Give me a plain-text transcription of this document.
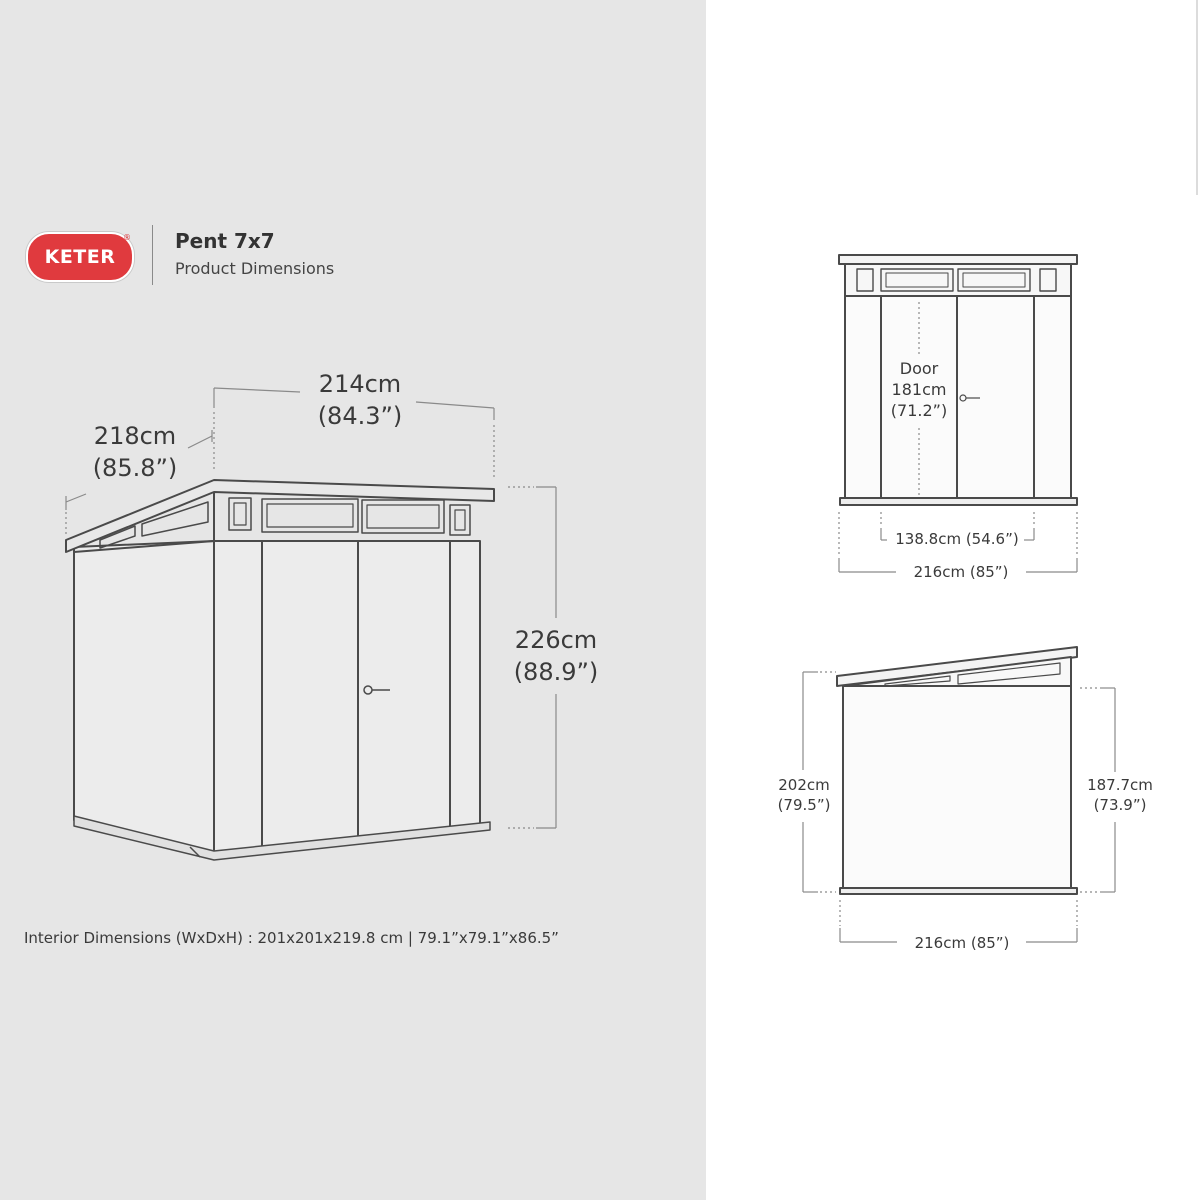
KETER
® Pent 7x7
Product Dimensions
214cm
(84.3”)
218cm
(85.8”)
226cm
(88.9”)
Door
181cm
(71.2”)
138.8cm (54.6”)
216cm (85”)
202cm
(79.5”)
187.7cm
(73.9”)
216cm (85”)
Interior Dimensions (WxDxH) : 201x201x219.8 cm | 79.1”x79.1”x86.5”
